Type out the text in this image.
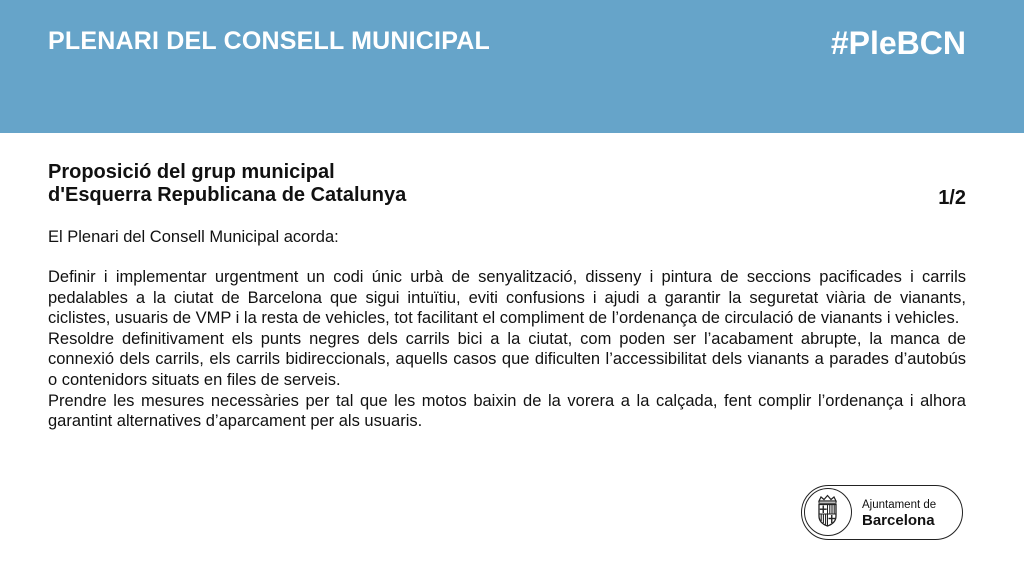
PLENARI DEL CONSELL MUNICIPAL	#PleBCN
Proposició del grup municipal
d'Esquerra Republicana de Catalunya	1/2
El Plenari del Consell Municipal acorda:

Definir i implementar urgentment un codi únic urbà de senyalització, disseny i pintura de seccions pacificades i carrils pedalables a la ciutat de Barcelona que sigui intuïtiu, eviti confusions i ajudi a garantir la seguretat viària de vianants, ciclistes, usuaris de VMP i la resta de vehicles, tot facilitant el compliment de l’ordenança de circulació de vianants i vehicles.

Resoldre definitivament els punts negres dels carrils bici a la ciutat, com poden ser l’acabament abrupte, la manca de connexió dels carrils, els carrils bidireccionals, aquells casos que dificulten l’accessibilitat dels vianants a parades d’autobús o contenidors situats en files de serveis.

Prendre les mesures necessàries per tal que les motos baixin de la vorera a la calçada, fent complir l’ordenança i alhora garantint alternatives d’aparcament per als usuaris.

Ajuntament de
Barcelona
